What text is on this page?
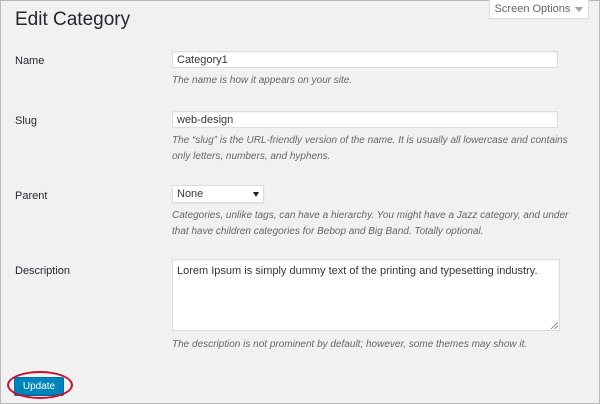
Screen Options
Edit Category
Name	Category1

The name is how it appears on your site.

Slug	web-design

The “slug” is the URL-friendly version of the name. It is usually all lowercase and contains only letters, numbers, and hyphens.

Parent	None

Categories, unlike tags, can have a hierarchy. You might have a Jazz category, and under that have children categories for Bebop and Big Band. Totally optional.

Description	Lorem Ipsum is simply dummy text of the printing and typesetting industry.

The description is not prominent by default; however, some themes may show it.

Update
